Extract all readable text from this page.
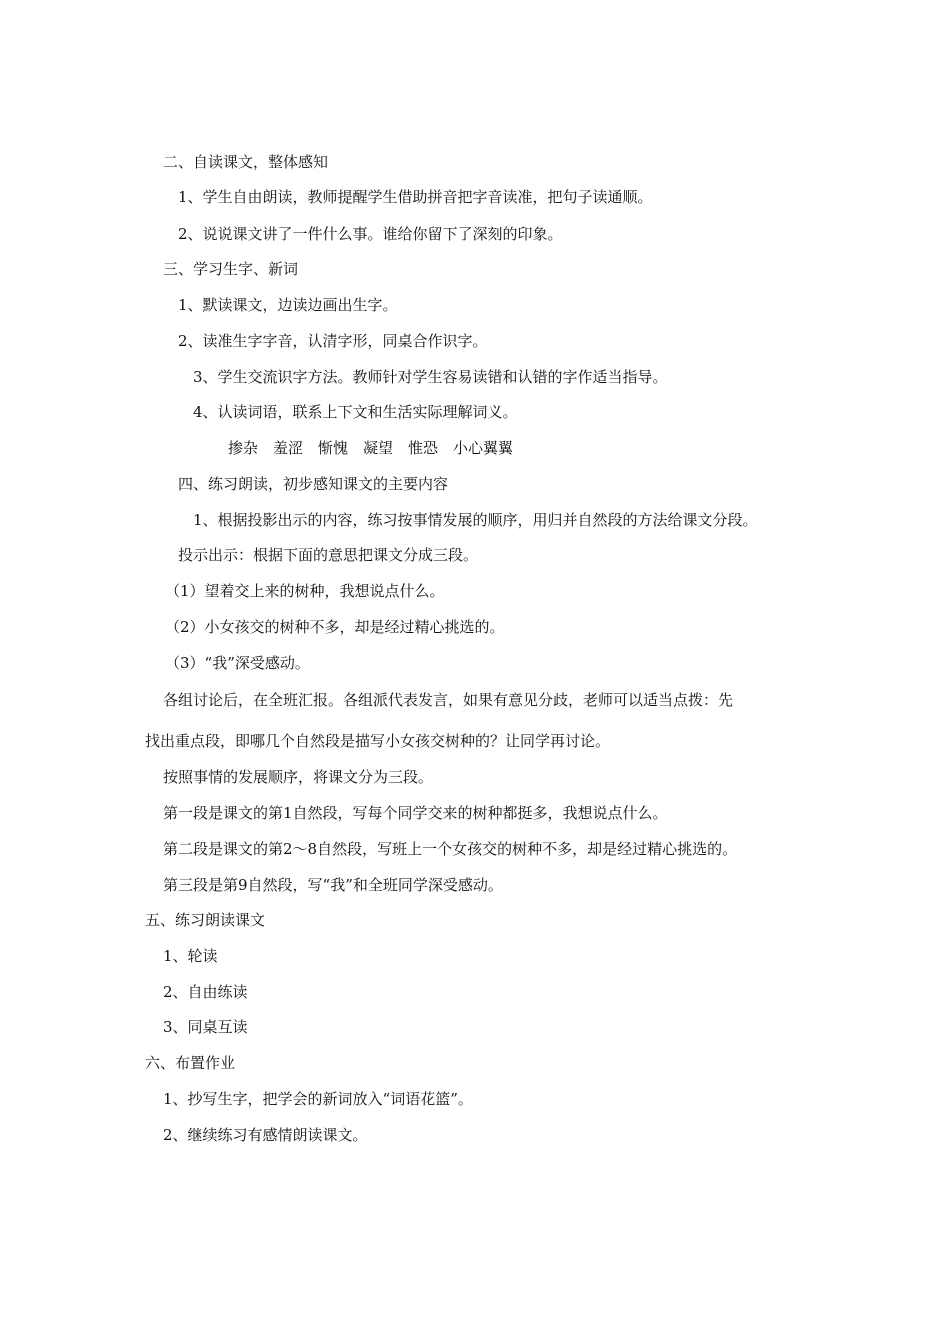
二、自读课文，整体感知

1、学生自由朗读，教师提醒学生借助拼音把字音读准，把句子读通顺。

2、说说课文讲了一件什么事。谁给你留下了深刻的印象。

三、学习生字、新词

1、默读课文，边读边画出生字。

2、读准生字字音，认清字形，同桌合作识字。

3、学生交流识字方法。教师针对学生容易读错和认错的字作适当指导。

4、认读词语，联系上下文和生活实际理解词义。

掺杂　羞涩　惭愧　凝望　惟恐　小心翼翼

四、练习朗读，初步感知课文的主要内容

1、根据投影出示的内容，练习按事情发展的顺序，用归并自然段的方法给课文分段。

投示出示：根据下面的意思把课文分成三段。

（1）望着交上来的树种，我想说点什么。

（2）小女孩交的树种不多，却是经过精心挑选的。

（3）“我”深受感动。

各组讨论后，在全班汇报。各组派代表发言，如果有意见分歧，老师可以适当点拨：先

找出重点段，即哪几个自然段是描写小女孩交树种的？让同学再讨论。

按照事情的发展顺序，将课文分为三段。

第一段是课文的第1自然段，写每个同学交来的树种都挺多，我想说点什么。

第二段是课文的第2～8自然段，写班上一个女孩交的树种不多，却是经过精心挑选的。

第三段是第9自然段，写“我”和全班同学深受感动。

五、练习朗读课文

1、轮读

2、自由练读

3、同桌互读

六、布置作业

1、抄写生字，把学会的新词放入“词语花篮”。

2、继续练习有感情朗读课文。
